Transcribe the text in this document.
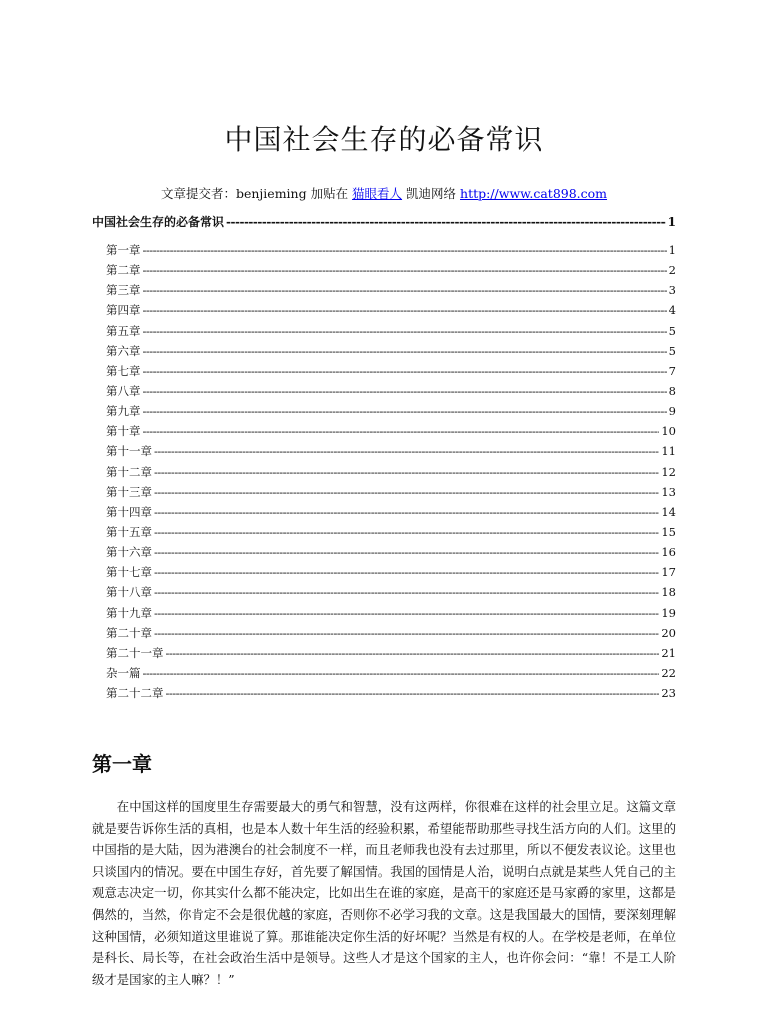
中国社会生存的必备常识
文章提交者：benjieming 加贴在 猫眼看人 凯迪网络 http://www.cat898.com
中国社会生存的必备常识 -----	1
第一章 -----	1
第二章 -----	2
第三章 -----	3
第四章 -----	4
第五章 -----	5
第六章 -----	5
第七章 -----	7
第八章 -----	8
第九章 -----	9
第十章 -----	10
第十一章 -----	11
第十二章 -----	12
第十三章 -----	13
第十四章 -----	14
第十五章 -----	15
第十六章 -----	16
第十七章 -----	17
第十八章 -----	18
第十九章 -----	19
第二十章 -----	20
第二十一章 -----	21
杂一篇 -----	22
第二十二章 -----	23
第一章

在中国这样的国度里生存需要最大的勇气和智慧，没有这两样，你很难在这样的社会里立足。这篇文章就是要告诉你生活的真相，也是本人数十年生活的经验积累，希望能帮助那些寻找生活方向的人们。这里的中国指的是大陆，因为港澳台的社会制度不一样，而且老师我也没有去过那里，所以不便发表议论。这里也只谈国内的情况。要在中国生存好，首先要了解国情。我国的国情是人治，说明白点就是某些人凭自己的主观意志决定一切，你其实什么都不能决定，比如出生在谁的家庭，是高干的家庭还是马家爵的家里，这都是偶然的，当然，你肯定不会是很优越的家庭，否则你不必学习我的文章。这是我国最大的国情，要深刻理解这种国情，必须知道这里谁说了算。那谁能决定你生活的好坏呢？当然是有权的人。在学校是老师，在单位是科长、局长等，在社会政治生活中是领导。这些人才是这个国家的主人，也许你会问：“靠！不是工人阶级才是国家的主人嘛？！”
